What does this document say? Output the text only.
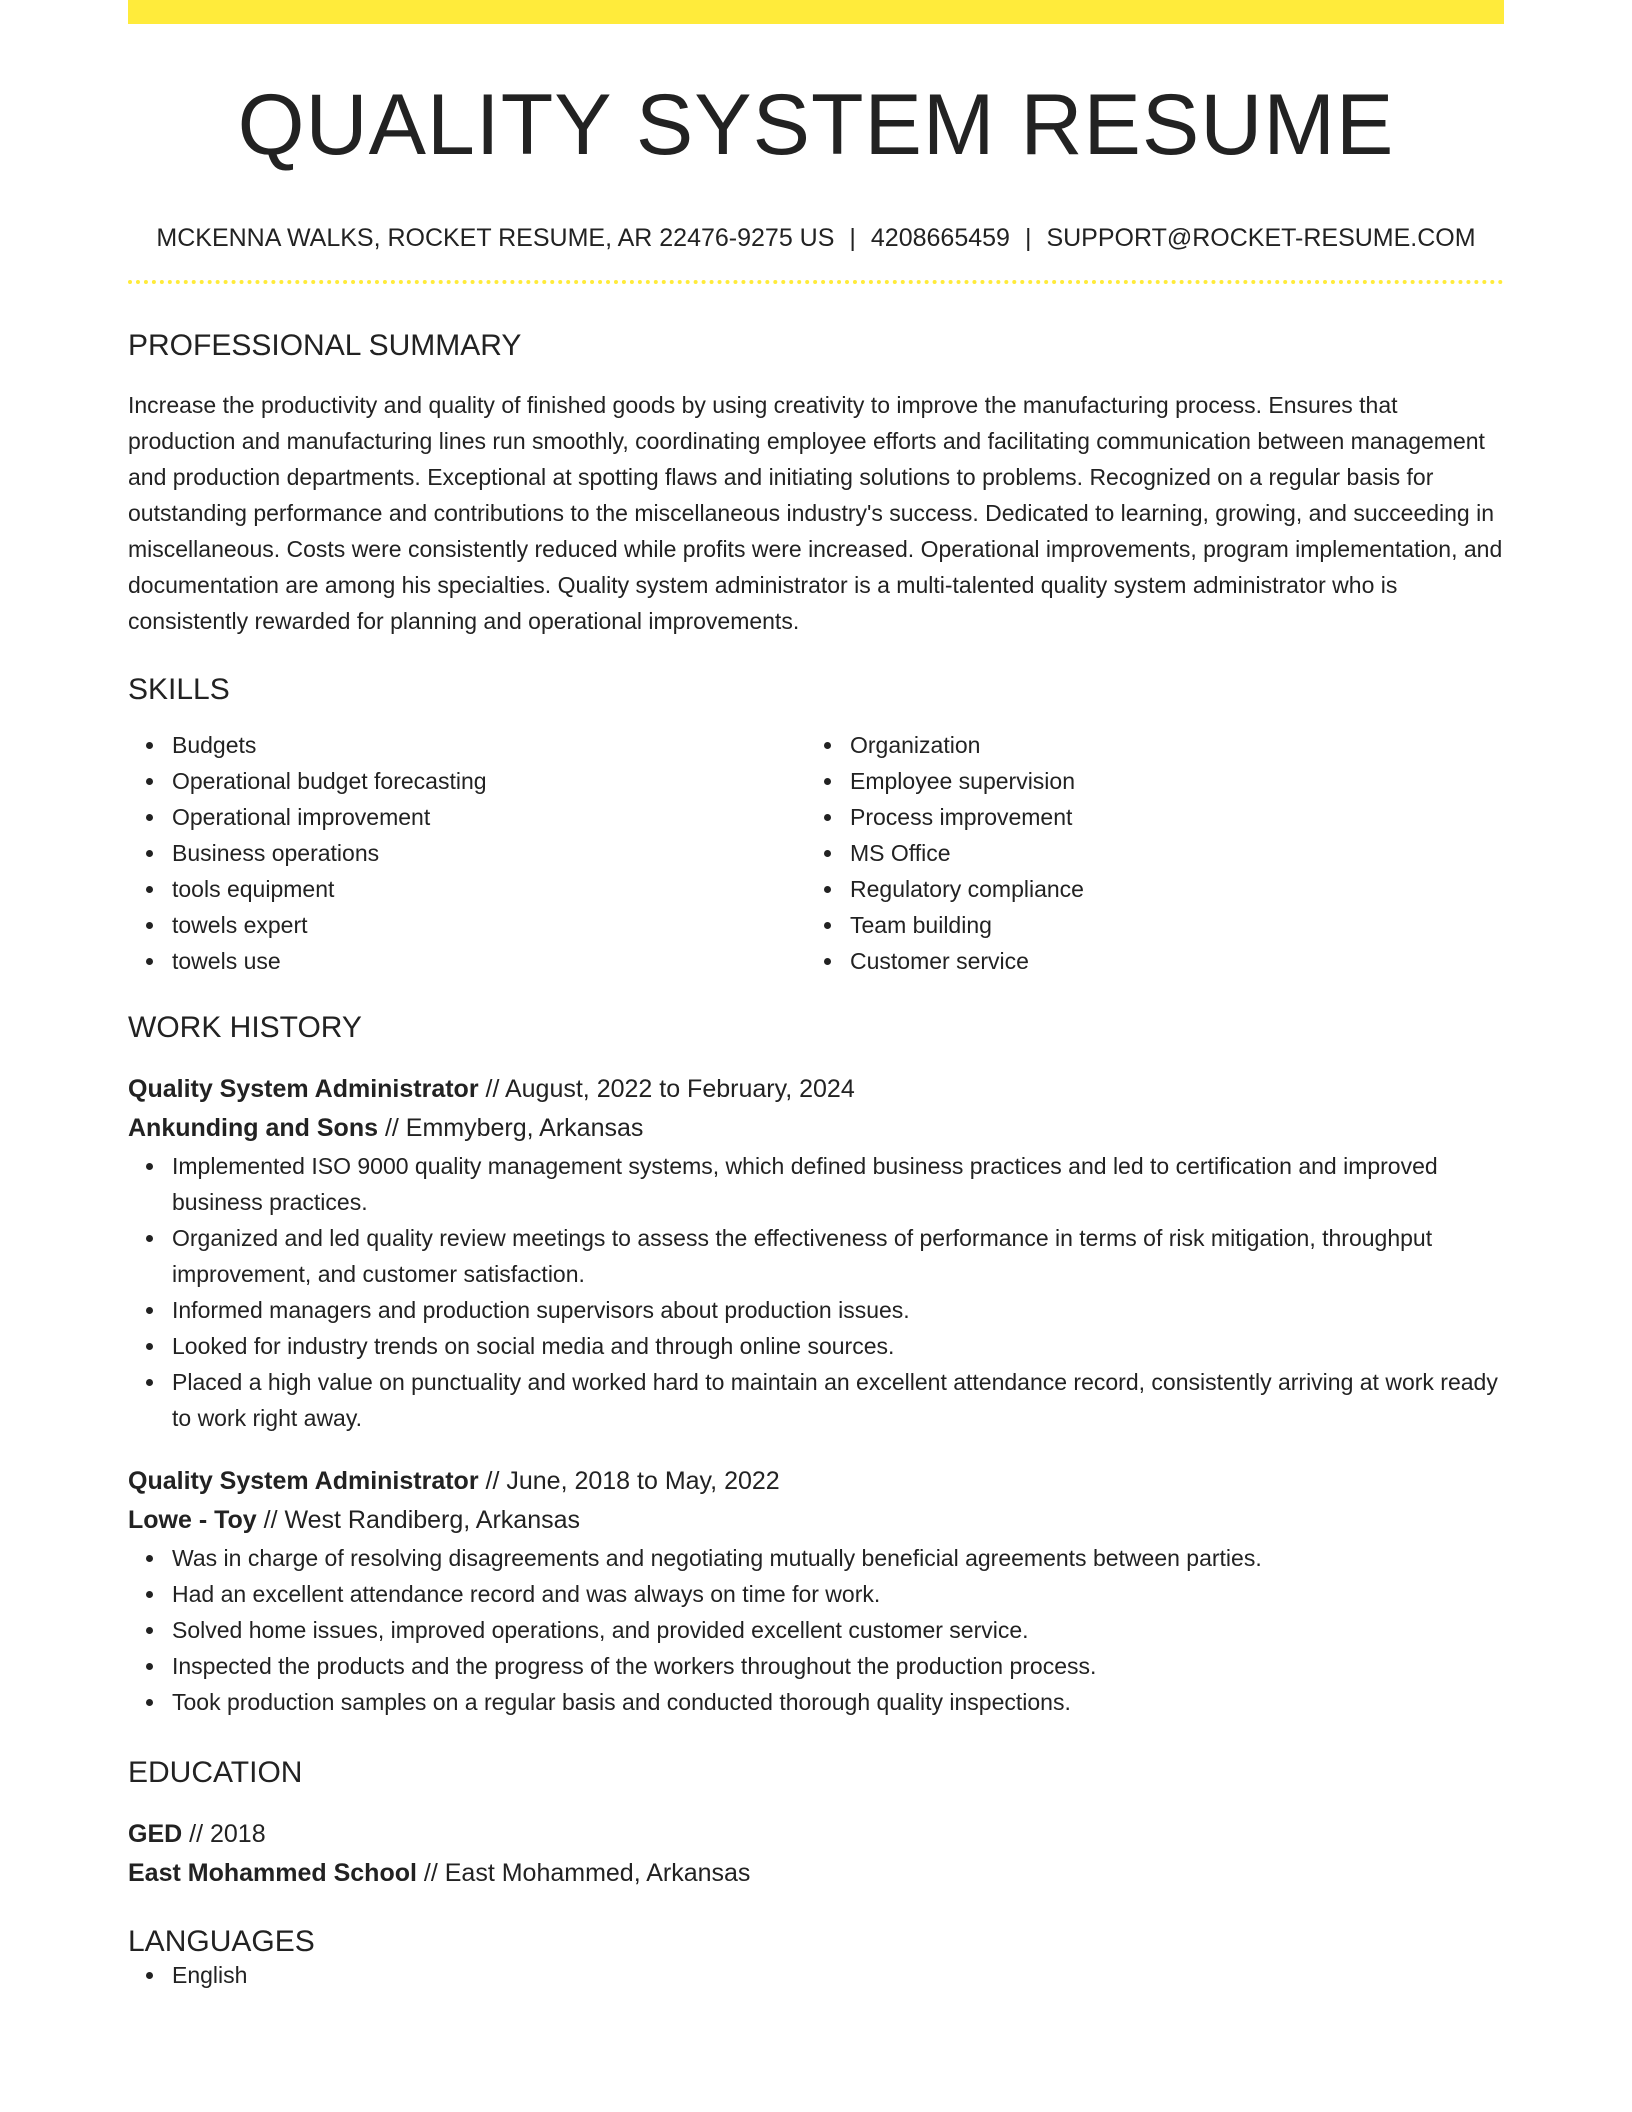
QUALITY SYSTEM RESUME
MCKENNA WALKS, ROCKET RESUME, AR 22476-9275 US | 4208665459 | SUPPORT@ROCKET-RESUME.COM
PROFESSIONAL SUMMARY
Increase the productivity and quality of finished goods by using creativity to improve the manufacturing process. Ensures that production and manufacturing lines run smoothly, coordinating employee efforts and facilitating communication between management and production departments. Exceptional at spotting flaws and initiating solutions to problems. Recognized on a regular basis for outstanding performance and contributions to the miscellaneous industry's success. Dedicated to learning, growing, and succeeding in miscellaneous. Costs were consistently reduced while profits were increased. Operational improvements, program implementation, and documentation are among his specialties. Quality system administrator is a multi-talented quality system administrator who is consistently rewarded for planning and operational improvements.
SKILLS
Budgets
Operational budget forecasting
Operational improvement
Business operations
tools equipment
towels expert
towels use
Organization
Employee supervision
Process improvement
MS Office
Regulatory compliance
Team building
Customer service
WORK HISTORY
Quality System Administrator // August, 2022 to February, 2024
Ankunding and Sons // Emmyberg, Arkansas
Implemented ISO 9000 quality management systems, which defined business practices and led to certification and improved business practices.
Organized and led quality review meetings to assess the effectiveness of performance in terms of risk mitigation, throughput improvement, and customer satisfaction.
Informed managers and production supervisors about production issues.
Looked for industry trends on social media and through online sources.
Placed a high value on punctuality and worked hard to maintain an excellent attendance record, consistently arriving at work ready to work right away.
Quality System Administrator // June, 2018 to May, 2022
Lowe - Toy // West Randiberg, Arkansas
Was in charge of resolving disagreements and negotiating mutually beneficial agreements between parties.
Had an excellent attendance record and was always on time for work.
Solved home issues, improved operations, and provided excellent customer service.
Inspected the products and the progress of the workers throughout the production process.
Took production samples on a regular basis and conducted thorough quality inspections.
EDUCATION
GED // 2018
East Mohammed School // East Mohammed, Arkansas
LANGUAGES
English
